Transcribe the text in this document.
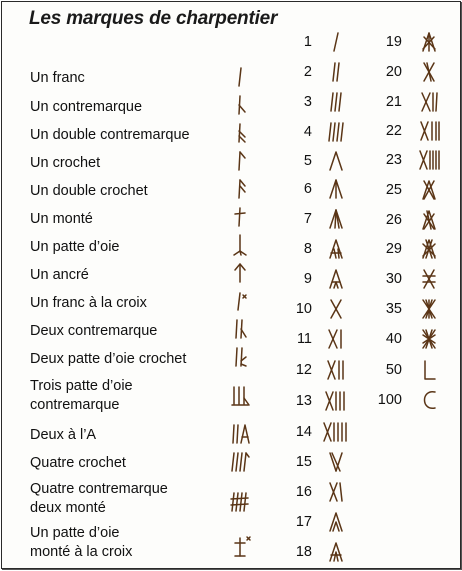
Les marques de charpentier
Un franc
Un contremarque
Un double contremarque
Un crochet
Un double crochet
Un monté
Un patte d’oie
Un ancré
Un franc à la croix
Deux contremarque
Deux patte d’oie crochet
Trois patte d’oie
contremarque
Deux à l’A
Quatre crochet
Quatre contremarque
deux monté
Un patte d’oie
monté à la croix
1
2
3
4
5
6
7
8
9
10
11
12
13
14
15
16
17
18
19
20
21
22
23
25
26
29
30
35
40
50
100
